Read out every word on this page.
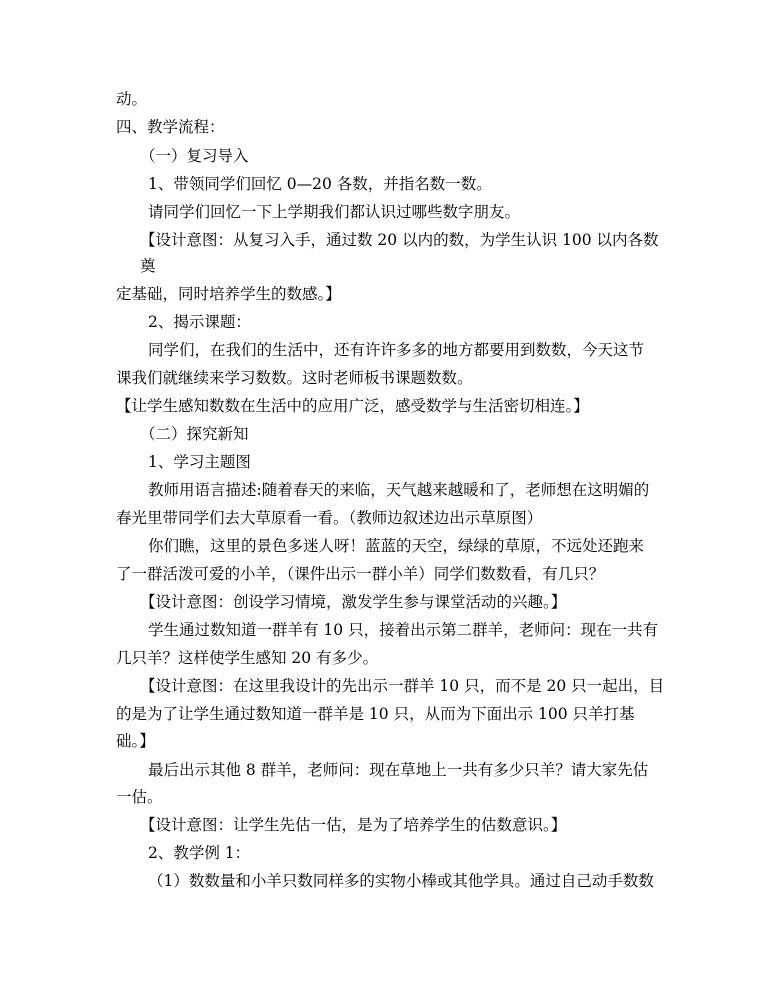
动。
四、教学流程：
（一）复习导入
1、带领同学们回忆 0—20 各数，并指名数一数。
请同学们回忆一下上学期我们都认识过哪些数字朋友。
【设计意图：从复习入手，通过数 20 以内的数，为学生认识 100 以内各数
奠
定基础，同时培养学生的数感。】
2、揭示课题：
同学们，在我们的生活中，还有许许多多的地方都要用到数数，今天这节
课我们就继续来学习数数。这时老师板书课题数数。
【让学生感知数数在生活中的应用广泛，感受数学与生活密切相连。】
（二）探究新知
1、学习主题图
教师用语言描述:随着春天的来临，天气越来越暖和了，老师想在这明媚的
春光里带同学们去大草原看一看。（教师边叙述边出示草原图）
你们瞧，这里的景色多迷人呀！蓝蓝的天空，绿绿的草原，不远处还跑来
了一群活泼可爱的小羊，（课件出示一群小羊）同学们数数看，有几只？
【设计意图：创设学习情境，激发学生参与课堂活动的兴趣。】
学生通过数知道一群羊有 10 只，接着出示第二群羊，老师问：现在一共有
几只羊？这样使学生感知 20 有多少。
【设计意图：在这里我设计的先出示一群羊 10 只，而不是 20 只一起出，目
的是为了让学生通过数知道一群羊是 10 只，从而为下面出示 100 只羊打基
础。】
最后出示其他 8 群羊，老师问：现在草地上一共有多少只羊？请大家先估
一估。
【设计意图：让学生先估一估，是为了培养学生的估数意识。】
2、教学例 1：
（1）数数量和小羊只数同样多的实物小棒或其他学具。通过自己动手数数
